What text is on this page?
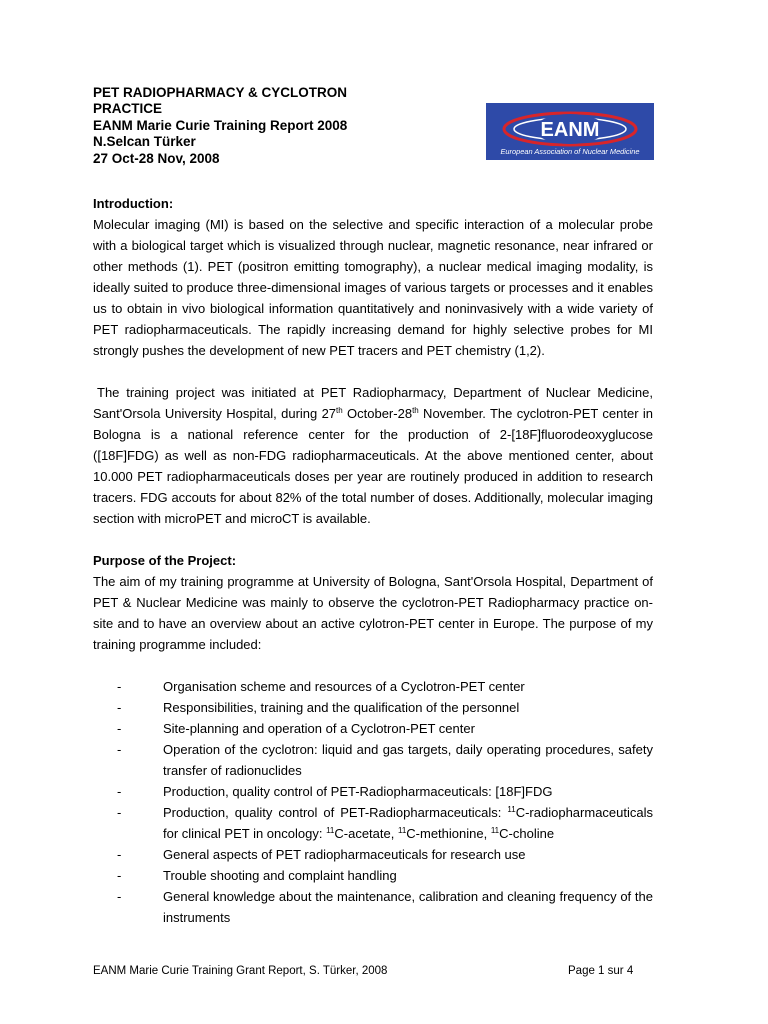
PET RADIOPHARMACY & CYCLOTRON
PRACTICE
EANM Marie Curie Training Report 2008
N.Selcan Türker
27 Oct-28 Nov, 2008
EANM
European Association of Nuclear Medicine
Introduction:
Molecular imaging (MI) is based on the selective and specific interaction of a molecular probe with a biological target which is visualized through nuclear, magnetic resonance, near infrared or other methods (1). PET (positron emitting tomography), a nuclear medical imaging modality, is ideally suited to produce three-dimensional images of various targets or processes and it enables us to obtain in vivo biological information quantitatively and noninvasively with a wide variety of PET radiopharmaceuticals. The rapidly increasing demand for highly selective probes for MI strongly pushes the development of new PET tracers and PET chemistry (1,2).
The training project was initiated at PET Radiopharmacy, Department of Nuclear Medicine, Sant'Orsola University Hospital, during 27th October-28th November. The cyclotron-PET center in Bologna is a national reference center for the production of 2-[18F]fluorodeoxyglucose ([18F]FDG) as well as non-FDG radiopharmaceuticals. At the above mentioned center, about 10.000 PET radiopharmaceuticals doses per year are routinely produced in addition to research tracers. FDG accouts for about 82% of the total number of doses. Additionally, molecular imaging section with microPET and microCT is available.
Purpose of the Project:
The aim of my training programme at University of Bologna, Sant'Orsola Hospital, Department of PET & Nuclear Medicine was mainly to observe the cyclotron-PET Radiopharmacy practice on-site and to have an overview about an active cylotron-PET center in Europe. The purpose of my training programme included:
-	Organisation scheme and resources of a Cyclotron-PET center
-	Responsibilities, training and the qualification of the personnel
-	Site-planning and operation of a Cyclotron-PET center
-	Operation of the cyclotron: liquid and gas targets, daily operating procedures, safety transfer of radionuclides
-	Production, quality control of PET-Radiopharmaceuticals: [18F]FDG
-	Production, quality control of PET-Radiopharmaceuticals: $^{11}$C-radiopharmaceuticals for clinical PET in oncology: $^{11}$C-acetate, $^{11}$C-methionine, $^{11}$C-choline
-	General aspects of PET radiopharmaceuticals for research use
-	Trouble shooting and complaint handling
-	General knowledge about the maintenance, calibration and cleaning frequency of the instruments
EANM Marie Curie Training Grant Report, S. Türker, 2008	Page 1 sur 4
